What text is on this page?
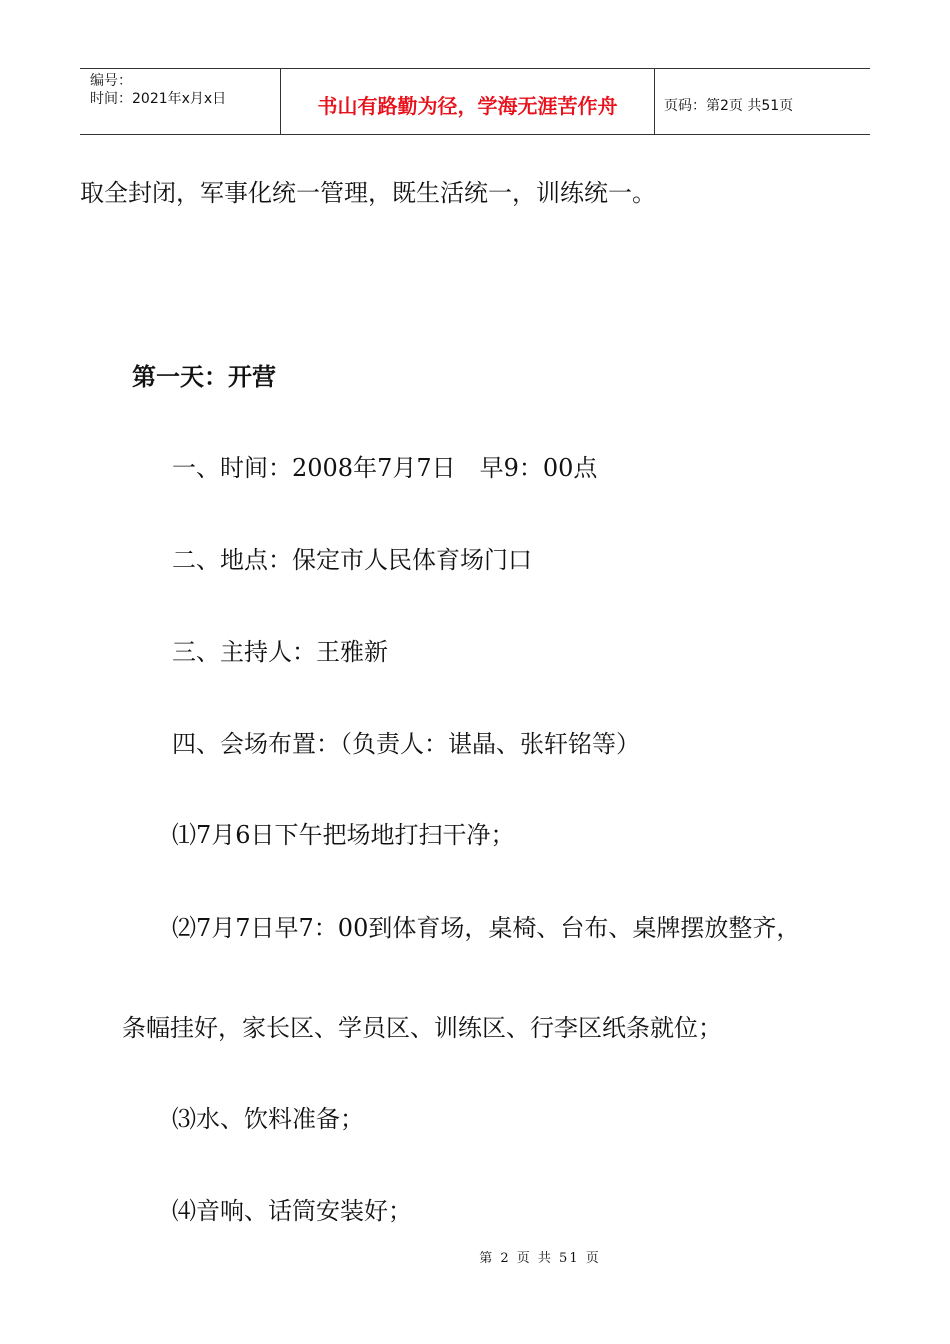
编号：
时间：2021年x月x日	书山有路勤为径，学海无涯苦作舟	页码：第2页 共51页
取全封闭，军事化统一管理，既生活统一，训练统一。
第一天：开营
一、时间：2008年7月7日　早9：00点
二、地点：保定市人民体育场门口
三、主持人：王雅新
四、会场布置：（负责人：谌晶、张轩铭等）
⑴7月6日下午把场地打扫干净；
⑵7月7日早7：00到体育场，桌椅、台布、桌牌摆放整齐，
条幅挂好，家长区、学员区、训练区、行李区纸条就位；
⑶水、饮料准备；
⑷音响、话筒安装好；
第 2 页 共 51 页
